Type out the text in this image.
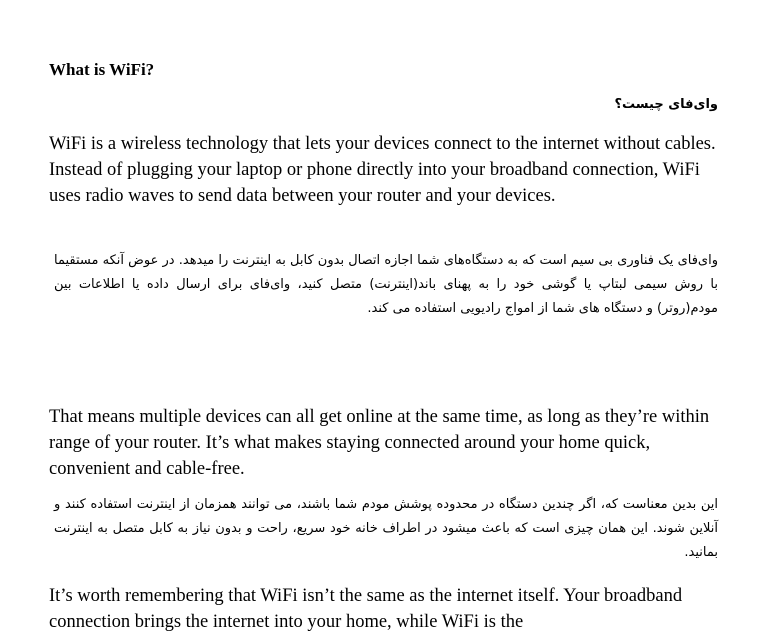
What is WiFi?
وای‌فای چیست؟

WiFi is a wireless technology that lets your devices connect to the internet without cables. Instead of plugging your laptop or phone directly into your broadband connection, WiFi uses radio waves to send data between your router and your devices.

وای‌فای یک فناوری بی سیم است که به دستگاه‌های شما اجازه اتصال بدون کابل به اینترنت را میدهد. در عوض آنکه مستقیما با روش سیمی لبتاپ یا گوشی خود را به پهنای باند(اینترنت) متصل کنید، وای‌فای برای ارسال داده یا اطلاعات بین مودم(روتر) و دستگاه های شما از امواج رادیویی استفاده می کند.

That means multiple devices can all get online at the same time, as long as they’re within range of your router. It’s what makes staying connected around your home quick, convenient and cable-free.

این بدین معناست که، اگر چندین دستگاه در محدوده پوشش مودم شما باشند، می توانند همزمان از اینترنت استفاده کنند و آنلاین شوند. این همان چیزی است که باعث میشود در اطراف خانه خود سریع، راحت و بدون نیاز به کابل متصل به اینترنت بمانید.

It’s worth remembering that WiFi isn’t the same as the internet itself. Your broadband connection brings the internet into your home, while WiFi is the
